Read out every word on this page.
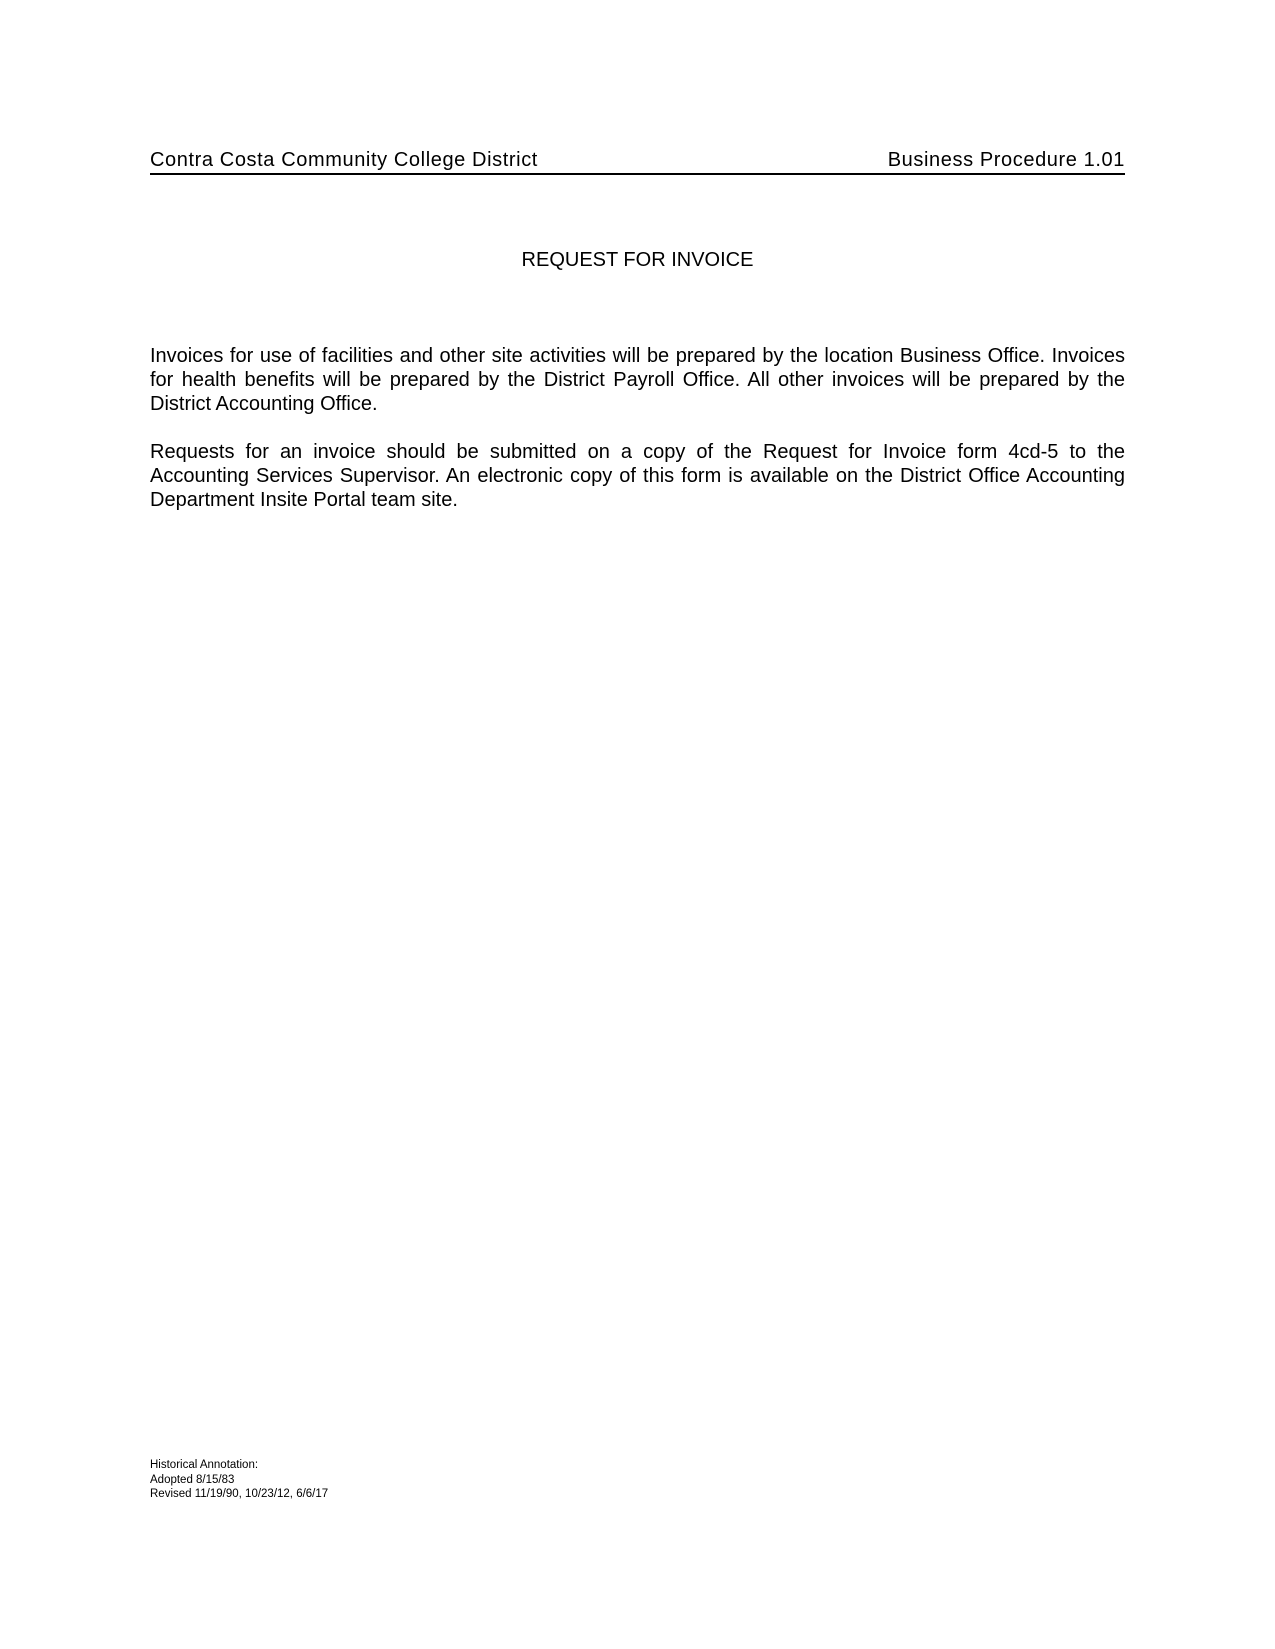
Contra Costa Community College District	Business Procedure 1.01
REQUEST FOR INVOICE

Invoices for use of facilities and other site activities will be prepared by the location Business Office. Invoices for health benefits will be prepared by the District Payroll Office. All other invoices will be prepared by the District Accounting Office.

Requests for an invoice should be submitted on a copy of the Request for Invoice form 4cd-5 to the Accounting Services Supervisor. An electronic copy of this form is available on the District Office Accounting Department Insite Portal team site.

Historical Annotation:
Adopted 8/15/83
Revised 11/19/90, 10/23/12, 6/6/17
